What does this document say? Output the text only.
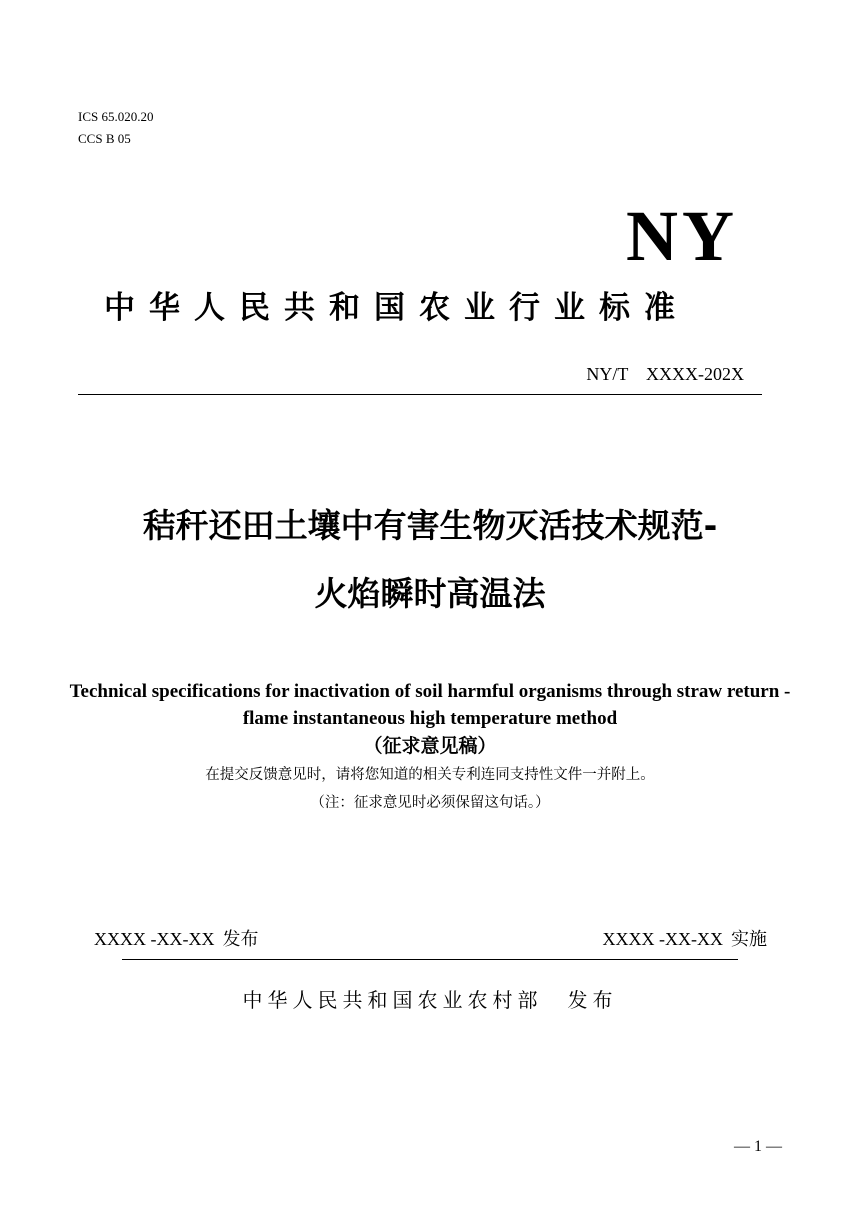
ICS 65.020.20
CCS B 05
NY
中华人民共和国农业行业标准
NY/T　XXXX-202X
秸秆还田土壤中有害生物灭活技术规范-
火焰瞬时高温法
Technical specifications for inactivation of soil harmful organisms through straw return - flame instantaneous high temperature method
（征求意见稿）
在提交反馈意见时，请将您知道的相关专利连同支持性文件一并附上。
（注：征求意见时必须保留这句话。）
XXXX -XX-XX 发布	XXXX -XX-XX 实施
中华人民共和国农业农村部　发布
— 1 —
